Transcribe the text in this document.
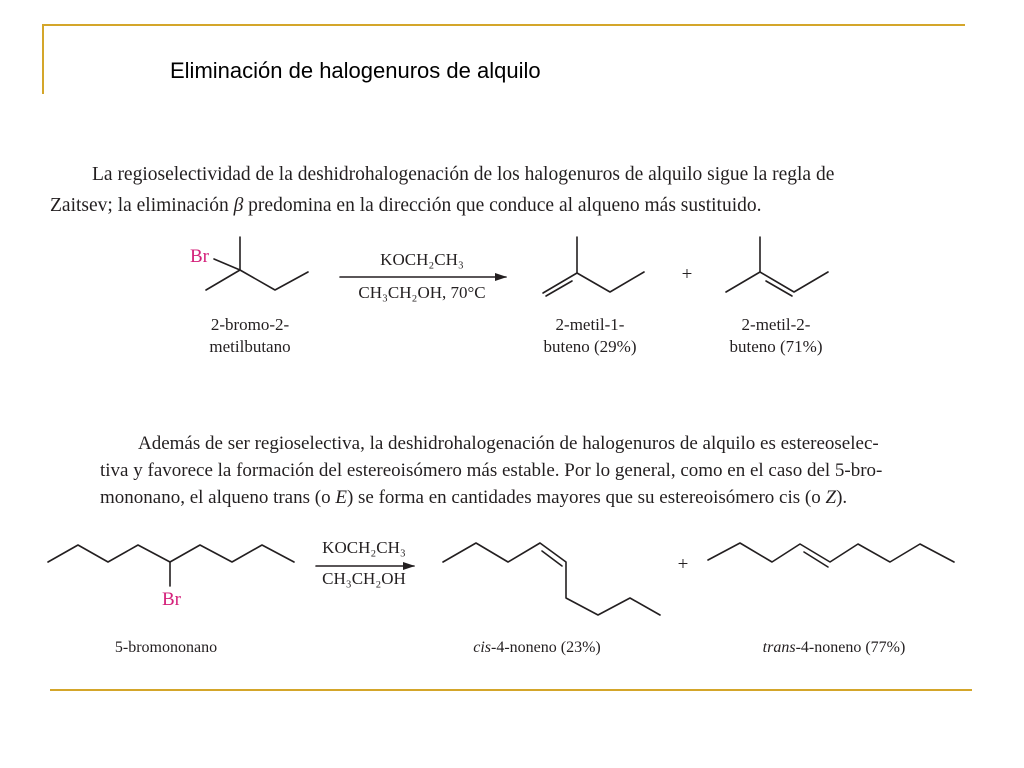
Eliminación de halogenuros de alquilo

La regioselectividad de la deshidrohalogenación de los halogenuros de alquilo sigue la regla de
Zaitsev; la eliminación β predomina en la dirección que conduce al alqueno más sustituido.

Además de ser regioselectiva, la deshidrohalogenación de halogenuros de alquilo es estereoselec-
tiva y favorece la formación del estereoisómero más estable. Por lo general, como en el caso del 5-bro-
mononano, el alqueno trans (o E) se forma en cantidades mayores que su estereoisómero cis (o Z).

Br	KOCH₂CH₃
CH₃CH₂OH, 70°C
+
2-bromo-2-
metilbutano
2-metil-1-
buteno (29%)
2-metil-2-
buteno (71%)
Br
KOCH₂CH₃
CH₃CH₂OH
+
5-bromononano	cis-4-noneno (23%)	trans-4-noneno (77%)
